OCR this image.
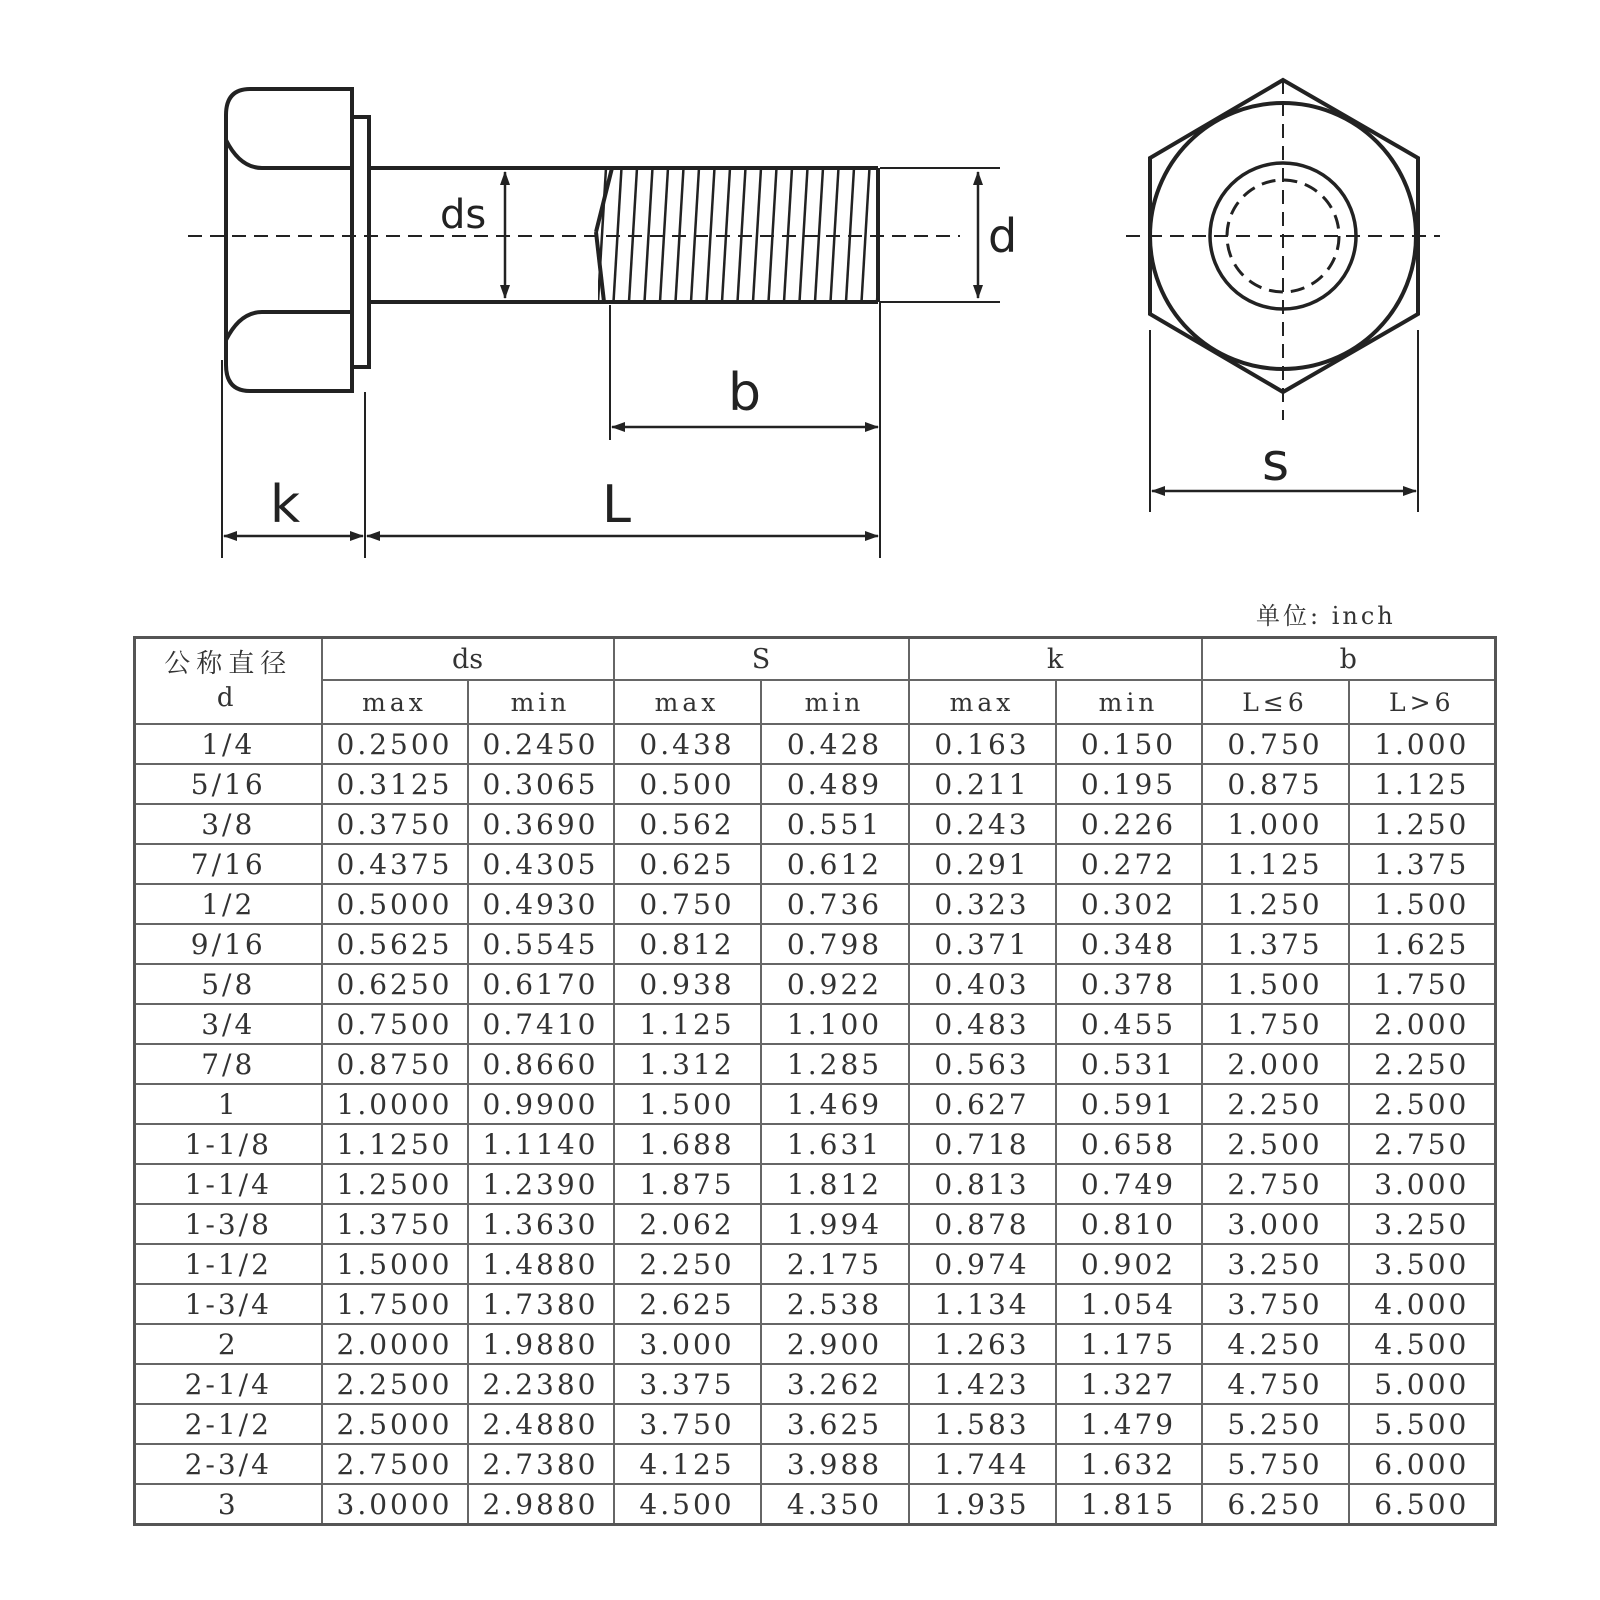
ds	d
b
k	L
s
单位: inch
公称直径
d	ds		S		k		b	
	max	min	max	min	max	min	L≤6	L>6
1/4	0.2500	0.2450	0.438	0.428	0.163	0.150	0.750	1.000
5/16	0.3125	0.3065	0.500	0.489	0.211	0.195	0.875	1.125
3/8	0.3750	0.3690	0.562	0.551	0.243	0.226	1.000	1.250
7/16	0.4375	0.4305	0.625	0.612	0.291	0.272	1.125	1.375
1/2	0.5000	0.4930	0.750	0.736	0.323	0.302	1.250	1.500
9/16	0.5625	0.5545	0.812	0.798	0.371	0.348	1.375	1.625
5/8	0.6250	0.6170	0.938	0.922	0.403	0.378	1.500	1.750
3/4	0.7500	0.7410	1.125	1.100	0.483	0.455	1.750	2.000
7/8	0.8750	0.8660	1.312	1.285	0.563	0.531	2.000	2.250
1	1.0000	0.9900	1.500	1.469	0.627	0.591	2.250	2.500
1-1/8	1.1250	1.1140	1.688	1.631	0.718	0.658	2.500	2.750
1-1/4	1.2500	1.2390	1.875	1.812	0.813	0.749	2.750	3.000
1-3/8	1.3750	1.3630	2.062	1.994	0.878	0.810	3.000	3.250
1-1/2	1.5000	1.4880	2.250	2.175	0.974	0.902	3.250	3.500
1-3/4	1.7500	1.7380	2.625	2.538	1.134	1.054	3.750	4.000
2	2.0000	1.9880	3.000	2.900	1.263	1.175	4.250	4.500
2-1/4	2.2500	2.2380	3.375	3.262	1.423	1.327	4.750	5.000
2-1/2	2.5000	2.4880	3.750	3.625	1.583	1.479	5.250	5.500
2-3/4	2.7500	2.7380	4.125	3.988	1.744	1.632	5.750	6.000
3	3.0000	2.9880	4.500	4.350	1.935	1.815	6.250	6.500
